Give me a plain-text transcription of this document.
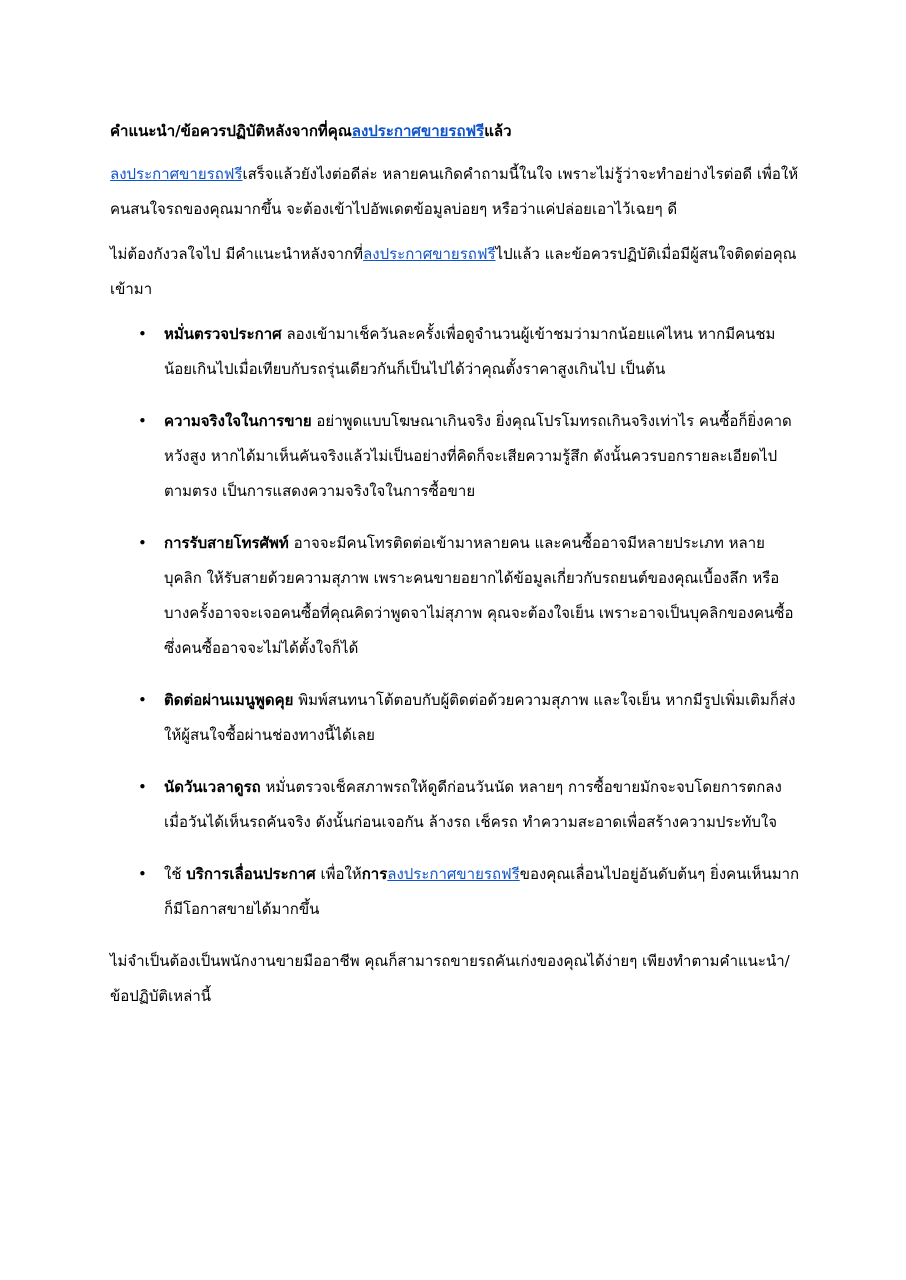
คำแนะนำ/ข้อควรปฏิบัติหลังจากที่คุณลงประกาศขายรถฟรีแล้ว

ลงประกาศขายรถฟรีเสร็จแล้วยังไงต่อดีล่ะ หลายคนเกิดคำถามนี้ในใจ เพราะไม่รู้ว่าจะทำอย่างไรต่อดี เพื่อให้คนสนใจรถของคุณมากขึ้น จะต้องเข้าไปอัพเดตข้อมูลบ่อยๆ หรือว่าแค่ปล่อยเอาไว้เฉยๆ ดี

ไม่ต้องกังวลใจไป มีคำแนะนำหลังจากที่ลงประกาศขายรถฟรีไปแล้ว และข้อควรปฏิบัติเมื่อมีผู้สนใจติดต่อคุณเข้ามา

• หมั่นตรวจประกาศ ลองเข้ามาเช็ควันละครั้งเพื่อดูจำนวนผู้เข้าชมว่ามากน้อยแค่ไหน หากมีคนชมน้อยเกินไปเมื่อเทียบกับรถรุ่นเดียวกันก็เป็นไปได้ว่าคุณตั้งราคาสูงเกินไป เป็นต้น
• ความจริงใจในการขาย อย่าพูดแบบโฆษณาเกินจริง ยิ่งคุณโปรโมทรถเกินจริงเท่าไร คนซื้อก็ยิ่งคาดหวังสูง หากได้มาเห็นคันจริงแล้วไม่เป็นอย่างที่คิดก็จะเสียความรู้สึก ดังนั้นควรบอกรายละเอียดไปตามตรง เป็นการแสดงความจริงใจในการซื้อขาย
• การรับสายโทรศัพท์ อาจจะมีคนโทรติดต่อเข้ามาหลายคน และคนซื้ออาจมีหลายประเภท หลายบุคลิก ให้รับสายด้วยความสุภาพ เพราะคนขายอยากได้ข้อมูลเกี่ยวกับรถยนต์ของคุณเบื้องลึก หรือบางครั้งอาจจะเจอคนซื้อที่คุณคิดว่าพูดจาไม่สุภาพ คุณจะต้องใจเย็น เพราะอาจเป็นบุคลิกของคนซื้อ ซึ่งคนซื้ออาจจะไม่ได้ตั้งใจก็ได้
• ติดต่อผ่านเมนูพูดคุย พิมพ์สนทนาโต้ตอบกับผู้ติดต่อด้วยความสุภาพ และใจเย็น หากมีรูปเพิ่มเติมก็ส่งให้ผู้สนใจซื้อผ่านช่องทางนี้ได้เลย
• นัดวันเวลาดูรถ หมั่นตรวจเช็คสภาพรถให้ดูดีก่อนวันนัด หลายๆ การซื้อขายมักจะจบโดยการตกลงเมื่อวันได้เห็นรถคันจริง ดังนั้นก่อนเจอกัน ล้างรถ เช็ครถ ทำความสะอาดเพื่อสร้างความประทับใจ
• ใช้ บริการเลื่อนประกาศ เพื่อให้การลงประกาศขายรถฟรีของคุณเลื่อนไปอยู่อันดับต้นๆ ยิ่งคนเห็นมาก ก็มีโอกาสขายได้มากขึ้น

ไม่จำเป็นต้องเป็นพนักงานขายมืออาชีพ คุณก็สามารถขายรถคันเก่งของคุณได้ง่ายๆ เพียงทำตามคำแนะนำ/ข้อปฏิบัติเหล่านี้
